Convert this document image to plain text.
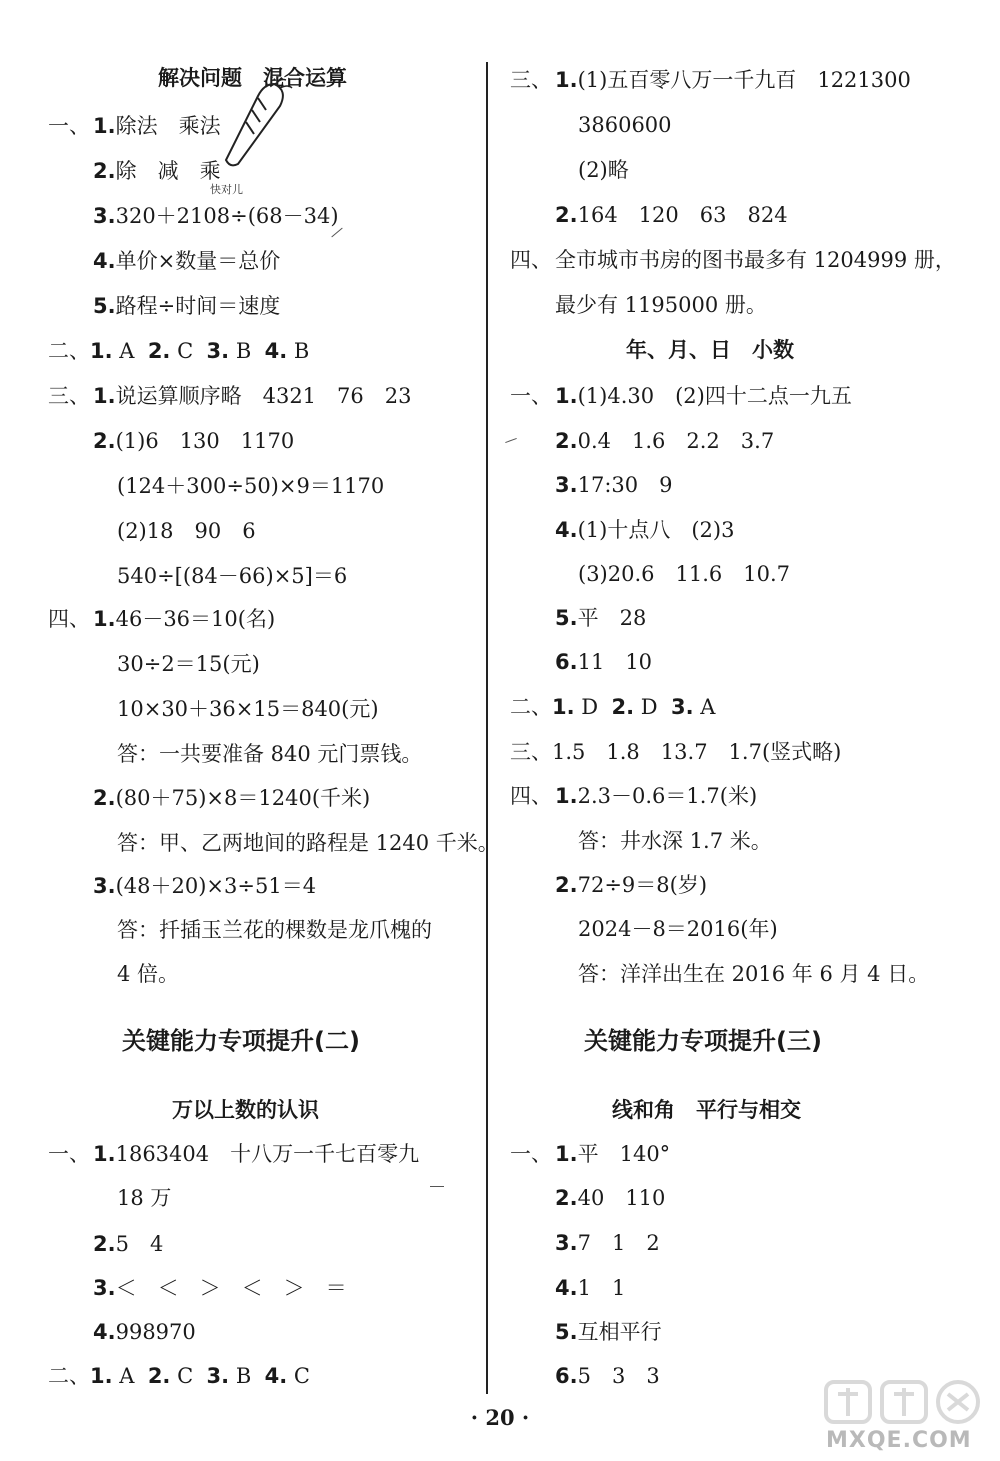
解决问题　混合运算
一、 1.除法　乘法
2.除　减　乘
快对儿
3.320＋2108÷(68－34)
4.单价×数量＝总价
5.路程÷时间＝速度
二、1. A 2. C 3. B 4. B
三、 1.说运算顺序略　4321　76　23
2.(1)6　130　1170
(124＋300÷50)×9＝1170
(2)18　90　6
540÷[(84－66)×5]＝6
四、 1.46－36＝10(名)
30÷2＝15(元)
10×30＋36×15＝840(元)
答：一共要准备 840 元门票钱。
2.(80＋75)×8＝1240(千米)
答：甲、乙两地间的路程是 1240 千米。
3.(48＋20)×3÷51＝4
答：扦插玉兰花的棵数是龙爪槐的
4 倍。
关键能力专项提升(二)
万以上数的认识
一、 1.1863404　十八万一千七百零九
18 万
2.5　4
3.＜　＜　＞　＜　＞　＝
4.998970
二、1. A 2. C 3. B 4. C
三、 1.(1)五百零八万一千九百　1221300
3860600
(2)略
2.164　120　63　824
四、 全市城市书房的图书最多有 1204999 册，
最少有 1195000 册。
年、月、日　小数
一、 1.(1)4.30　(2)四十二点一九五
2.0.4　1.6　2.2　3.7
3.17:30　9
4.(1)十点八　(2)3
(3)20.6　11.6　10.7
5.平　28
6.11　10
二、1. D 2. D 3. A
三、1.5　1.8　13.7　1.7(竖式略)
四、 1.2.3－0.6＝1.7(米)
答：井水深 1.7 米。
2.72÷9＝8(岁)
2024－8＝2016(年)
答：洋洋出生在 2016 年 6 月 4 日。
关键能力专项提升(三)
线和角　平行与相交
一、 1.平　140°
2.40　110
3.7　1　2
4.1　1
5.互相平行
6.5　3　3
· 20 ·
MXQE.COM
